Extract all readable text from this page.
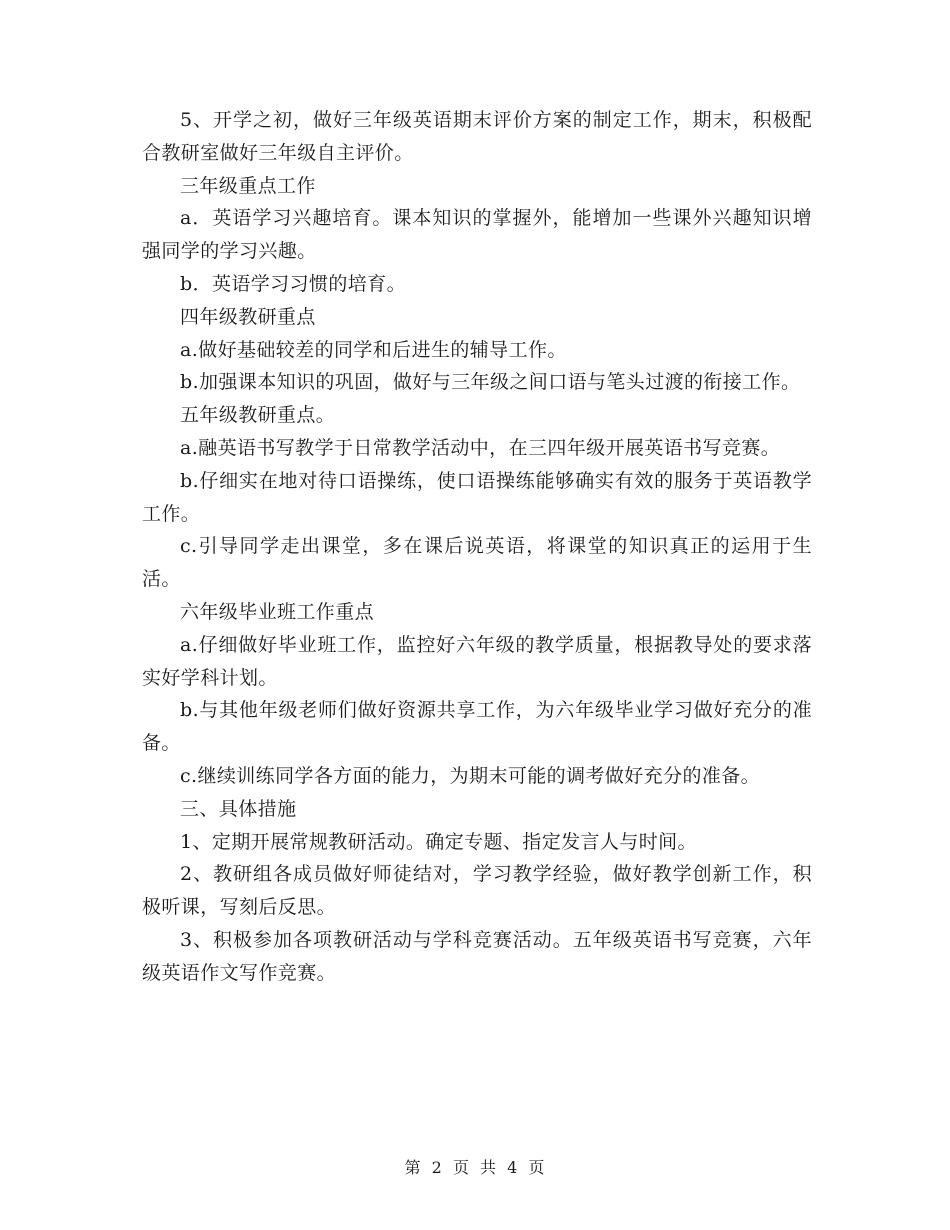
5、开学之初，做好三年级英语期末评价方案的制定工作，期末，积极配合教研室做好三年级自主评价。

三年级重点工作

a．英语学习兴趣培育。课本知识的掌握外，能增加一些课外兴趣知识增强同学的学习兴趣。

b．英语学习习惯的培育。

四年级教研重点

a.做好基础较差的同学和后进生的辅导工作。

b.加强课本知识的巩固，做好与三年级之间口语与笔头过渡的衔接工作。

五年级教研重点。

a.融英语书写教学于日常教学活动中，在三四年级开展英语书写竞赛。

b.仔细实在地对待口语操练，使口语操练能够确实有效的服务于英语教学工作。

c.引导同学走出课堂，多在课后说英语，将课堂的知识真正的运用于生活。

六年级毕业班工作重点

a.仔细做好毕业班工作，监控好六年级的教学质量，根据教导处的要求落实好学科计划。

b.与其他年级老师们做好资源共享工作，为六年级毕业学习做好充分的准备。

c.继续训练同学各方面的能力，为期末可能的调考做好充分的准备。

三、具体措施

1、定期开展常规教研活动。确定专题、指定发言人与时间。

2、教研组各成员做好师徒结对，学习教学经验，做好教学创新工作，积极听课，写刻后反思。

3、积极参加各项教研活动与学科竞赛活动。五年级英语书写竞赛，六年级英语作文写作竞赛。

第 2 页 共 4 页
